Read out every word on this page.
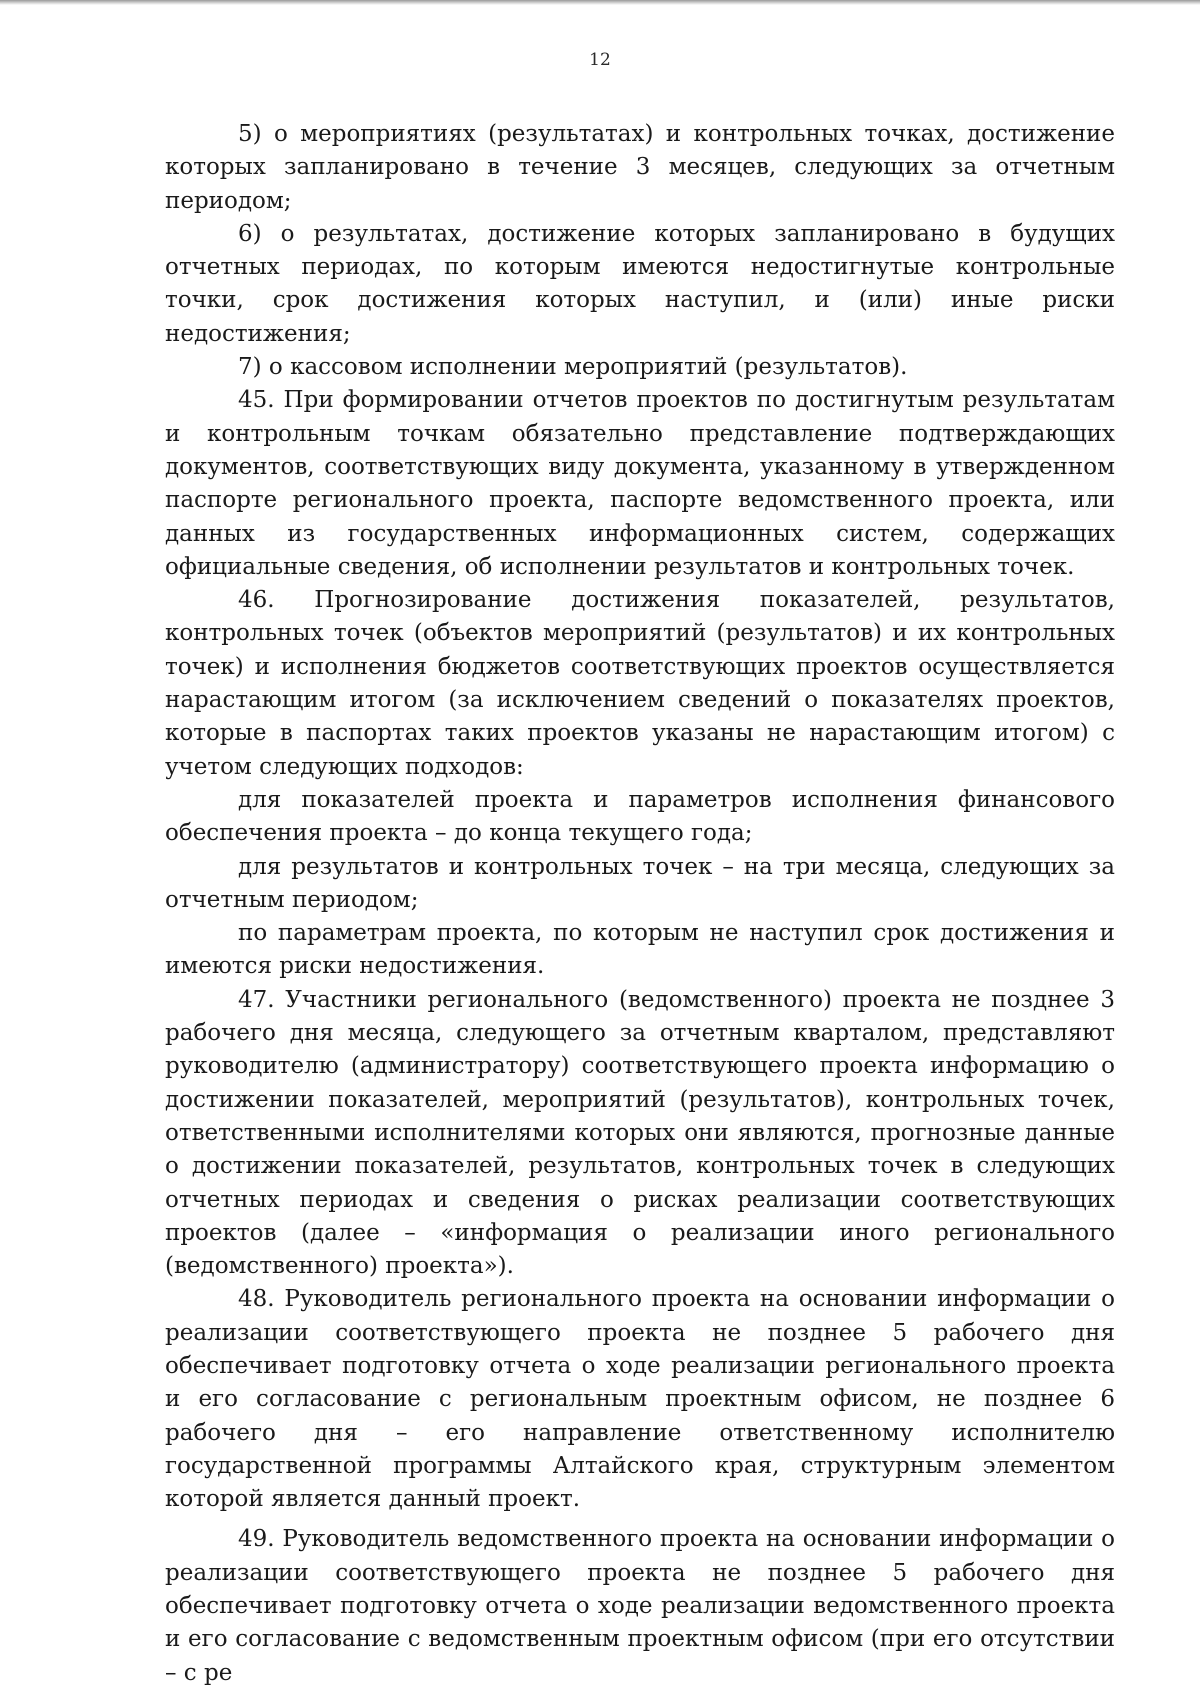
12

5) о мероприятиях (результатах) и контрольных точках, достижение которых запланировано в течение 3 месяцев, следующих за отчетным периодом;

6) о результатах, достижение которых запланировано в будущих отчетных периодах, по которым имеются недостигнутые контрольные точки, срок достижения которых наступил, и (или) иные риски недостижения;

7) о кассовом исполнении мероприятий (результатов).

45. При формировании отчетов проектов по достигнутым результатам и контрольным точкам обязательно представление подтверждающих документов, соответствующих виду документа, указанному в утвержденном паспорте регионального проекта, паспорте ведомственного проекта, или данных из государственных информационных систем, содержащих официальные сведения, об исполнении результатов и контрольных точек.

46. Прогнозирование достижения показателей, результатов, контрольных точек (объектов мероприятий (результатов) и их контрольных точек) и исполнения бюджетов соответствующих проектов осуществляется нарастающим итогом (за исключением сведений о показателях проектов, которые в паспортах таких проектов указаны не нарастающим итогом) с учетом следующих подходов:

для показателей проекта и параметров исполнения финансового обеспечения проекта – до конца текущего года;

для результатов и контрольных точек – на три месяца, следующих за отчетным периодом;

по параметрам проекта, по которым не наступил срок достижения и имеются риски недостижения.

47. Участники регионального (ведомственного) проекта не позднее 3 рабочего дня месяца, следующего за отчетным кварталом, представляют руководителю (администратору) соответствующего проекта информацию о достижении показателей, мероприятий (результатов), контрольных точек, ответственными исполнителями которых они являются, прогнозные данные о достижении показателей, результатов, контрольных точек в следующих отчетных периодах и сведения о рисках реализации соответствующих проектов (далее – «информация о реализации иного регионального (ведомственного) проекта»).

48. Руководитель регионального проекта на основании информации о реализации соответствующего проекта не позднее 5 рабочего дня обеспечивает подготовку отчета о ходе реализации регионального проекта и его согласование с региональным проектным офисом, не позднее 6 рабочего дня – его направление ответственному исполнителю государственной программы Алтайского края, структурным элементом которой является данный проект.

49. Руководитель ведомственного проекта на основании информации о реализации соответствующего проекта не позднее 5 рабочего дня обеспечивает подготовку отчета о ходе реализации ведомственного проекта и его согласование с ведомственным проектным офисом (при его отсутствии – с ре
